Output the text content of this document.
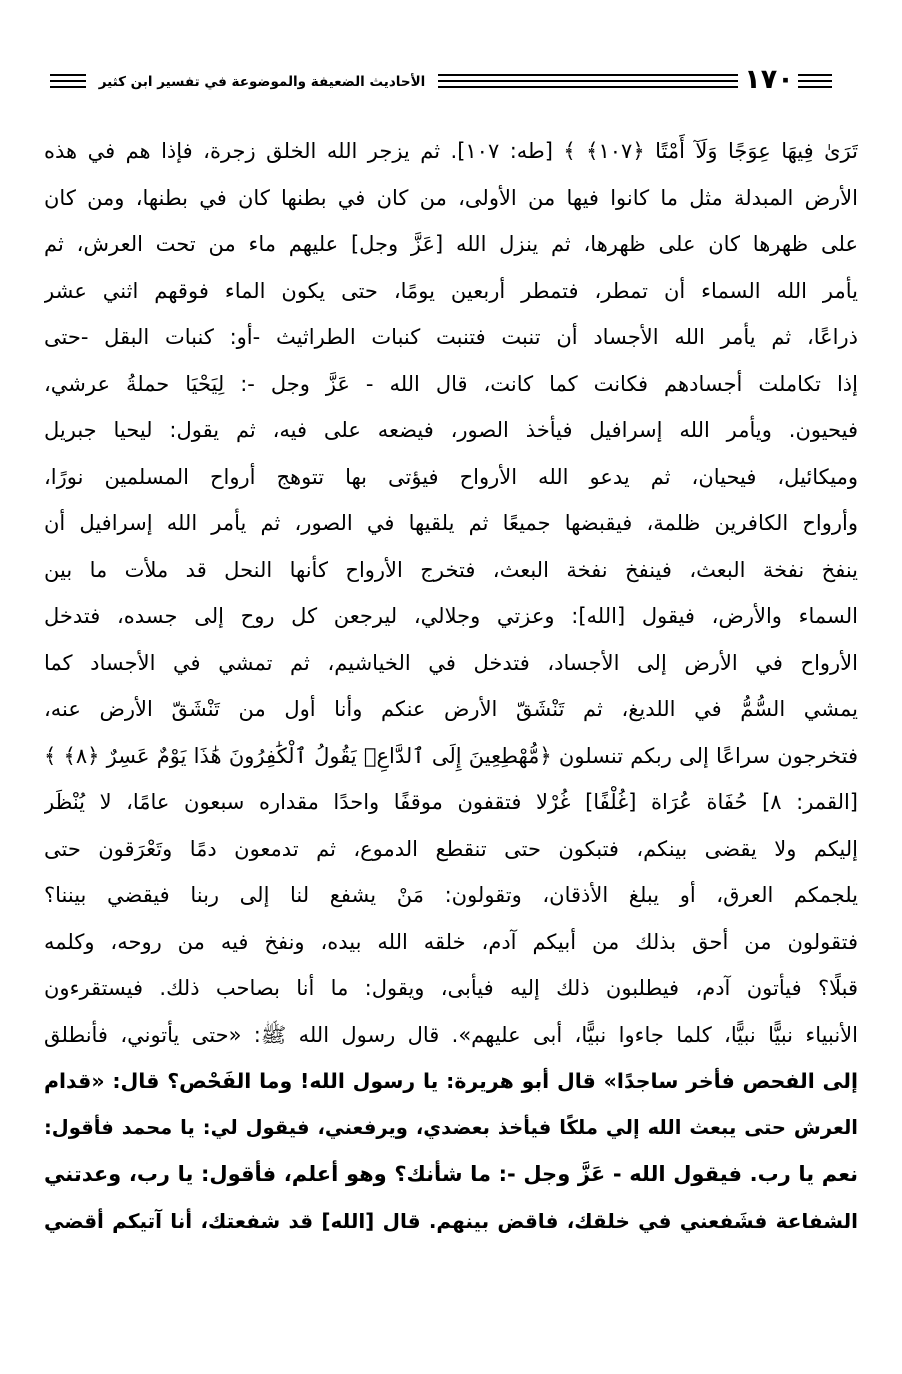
الأحاديث الضعيفة والموضوعة في تفسير ابن كثير	١٧٠
تَرَىٰ فِيهَا عِوَجًا وَلَآ أَمْتًا ﴿١٠٧﴾ ﴾ [طه: ١٠٧]. ثم يزجر الله الخلق زجرة، فإذا هم في هذه
الأرض المبدلة مثل ما كانوا فيها من الأولى، من كان في بطنها كان في بطنها، ومن كان
على ظهرها كان على ظهرها، ثم ينزل الله [عَزَّ وجل] عليهم ماء من تحت العرش، ثم
يأمر الله السماء أن تمطر، فتمطر أربعين يومًا، حتى يكون الماء فوقهم اثني عشر
ذراعًا، ثم يأمر الله الأجساد أن تنبت فتنبت كنبات الطراثيث -أو: كنبات البقل -حتى
إذا تكاملت أجسادهم فكانت كما كانت، قال الله - عَزَّ وجل -: لِيَحْيَا حملةُ عرشي،
فيحيون. ويأمر الله إسرافيل فيأخذ الصور، فيضعه على فيه، ثم يقول: ليحيا جبريل
وميكائيل، فيحيان، ثم يدعو الله الأرواح فيؤتى بها تتوهج أرواح المسلمين نورًا،
وأرواح الكافرين ظلمة، فيقبضها جميعًا ثم يلقيها في الصور، ثم يأمر الله إسرافيل أن
ينفخ نفخة البعث، فينفخ نفخة البعث، فتخرج الأرواح كأنها النحل قد ملأت ما بين
السماء والأرض، فيقول [الله]: وعزتي وجلالي، ليرجعن كل روح إلى جسده، فتدخل
الأرواح في الأرض إلى الأجساد، فتدخل في الخياشيم، ثم تمشي في الأجساد كما
يمشي السُّمُّ في اللديغ، ثم تَنْشَقّ الأرض عنكم وأنا أول من تَنْشَقّ الأرض عنه،
فتخرجون سراعًا إلى ربكم تنسلون ﴿مُّهْطِعِينَ إِلَى ٱلدَّاعِۖ يَقُولُ ٱلْكَٰفِرُونَ هَٰذَا يَوْمٌ عَسِرٌ ﴿٨﴾ ﴾
[القمر: ٨] حُفَاة عُرَاة [غُلْفًا] غُرْلا فتقفون موقفًا واحدًا مقداره سبعون عامًا، لا يُنْظَر
إليكم ولا يقضى بينكم، فتبكون حتى تنقطع الدموع، ثم تدمعون دمًا وتَعْرَقون حتى
يلجمكم العرق، أو يبلغ الأذقان، وتقولون: مَنْ يشفع لنا إلى ربنا فيقضي بيننا؟
فتقولون من أحق بذلك من أبيكم آدم، خلقه الله بيده، ونفخ فيه من روحه، وكلمه
قبلًا؟ فيأتون آدم، فيطلبون ذلك إليه فيأبى، ويقول: ما أنا بصاحب ذلك. فيستقرءون
الأنبياء نبيًّا نبيًّا، كلما جاءوا نبيًّا، أبى عليهم». قال رسول الله ﷺ: «حتى يأتوني، فأنطلق
إلى الفحص فأخر ساجدًا» قال أبو هريرة: يا رسول الله! وما الفَحْص؟ قال: «قدام
العرش حتى يبعث الله إلي ملكًا فيأخذ بعضدي، ويرفعني، فيقول لي: يا محمد فأقول:
نعم يا رب. فيقول الله - عَزَّ وجل -: ما شأنك؟ وهو أعلم، فأقول: يا رب، وعدتني
الشفاعة فشَفعني في خلقك، فاقض بينهم. قال [الله] قد شفعتك، أنا آتيكم أقضي
